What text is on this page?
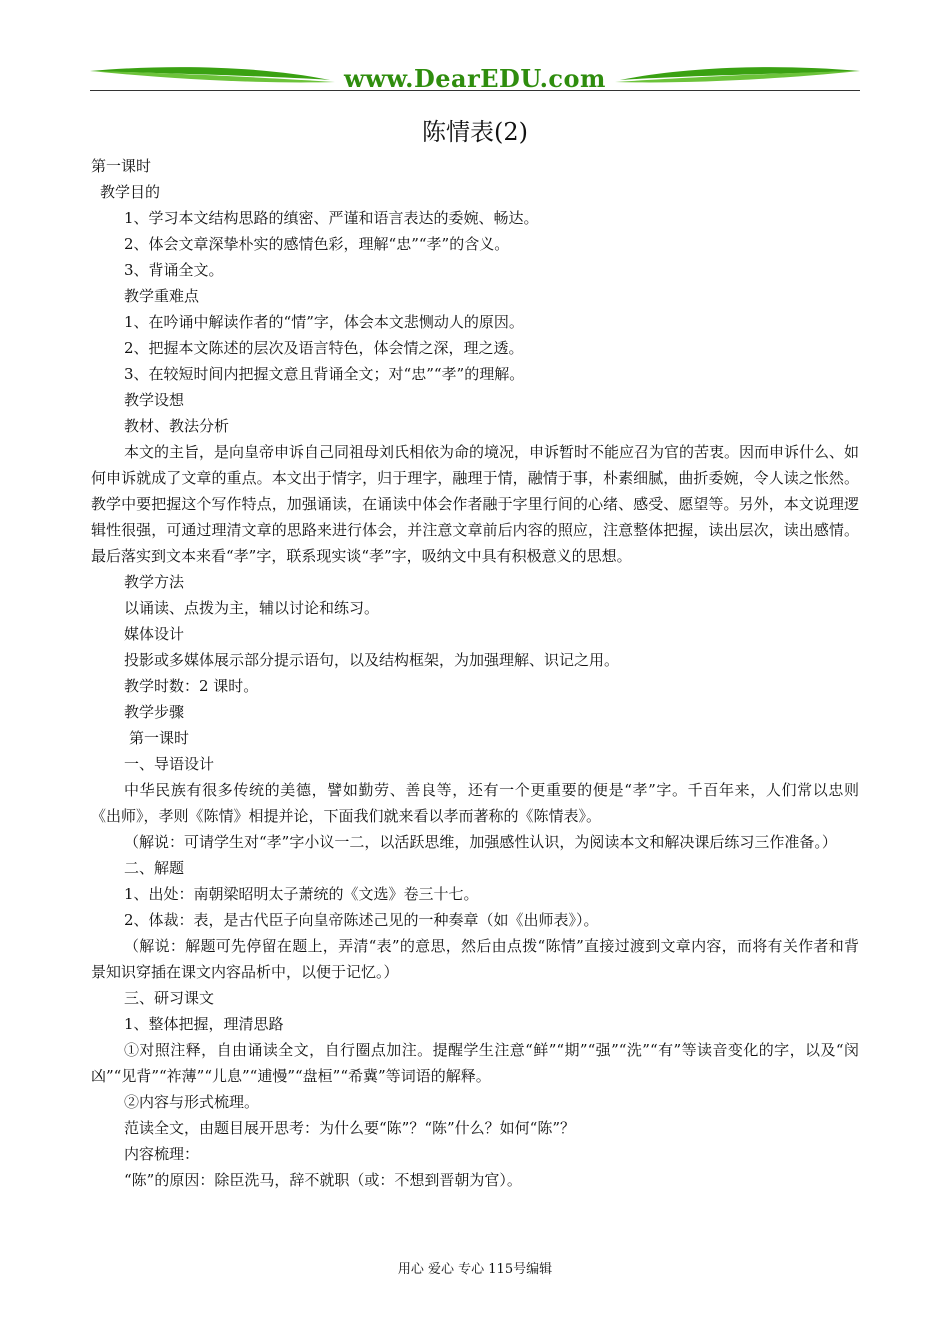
www.DearEDU.com
陈情表(2)

第一课时

教学目的

1、学习本文结构思路的缜密、严谨和语言表达的委婉、畅达。

2、体会文章深挚朴实的感情色彩，理解“忠”“孝”的含义。

3、背诵全文。

教学重难点

1、在吟诵中解读作者的“情”字，体会本文悲恻动人的原因。

2、把握本文陈述的层次及语言特色，体会情之深，理之透。

3、在较短时间内把握文意且背诵全文；对“忠”“孝”的理解。

教学设想

教材、教法分析

本文的主旨，是向皇帝申诉自己同祖母刘氏相依为命的境况，申诉暂时不能应召为官的苦衷。因而申诉什么、如何申诉就成了文章的重点。本文出于情字，归于理字，融理于情，融情于事，朴素细腻，曲折委婉，令人读之怅然。教学中要把握这个写作特点，加强诵读，在诵读中体会作者融于字里行间的心绪、感受、愿望等。另外，本文说理逻辑性很强，可通过理清文章的思路来进行体会，并注意文章前后内容的照应，注意整体把握，读出层次，读出感情。最后落实到文本来看“孝”字，联系现实谈“孝”字，吸纳文中具有积极意义的思想。

教学方法

以诵读、点拨为主，辅以讨论和练习。

媒体设计

投影或多媒体展示部分提示语句，以及结构框架，为加强理解、识记之用。

教学时数：2 课时。

教学步骤

第一课时

一、导语设计

中华民族有很多传统的美德，譬如勤劳、善良等，还有一个更重要的便是“孝”字。千百年来，人们常以忠则《出师》，孝则《陈情》相提并论，下面我们就来看以孝而著称的《陈情表》。

（解说：可请学生对“孝”字小议一二，以活跃思维，加强感性认识，为阅读本文和解决课后练习三作准备。）

二、解题

1、出处：南朝梁昭明太子萧统的《文选》卷三十七。

2、体裁：表，是古代臣子向皇帝陈述己见的一种奏章（如《出师表》）。

（解说：解题可先停留在题上，弄清“表”的意思，然后由点拨“陈情”直接过渡到文章内容，而将有关作者和背景知识穿插在课文内容品析中，以便于记忆。）

三、研习课文

1、整体把握，理清思路

①对照注释，自由诵读全文，自行圈点加注。提醒学生注意“鲜”“期”“强”“洗”“有”等读音变化的字，以及“闵凶”“见背”“祚薄”“儿息”“逋慢”“盘桓”“希冀”等词语的解释。

②内容与形式梳理。

范读全文，由题目展开思考：为什么要“陈”？“陈”什么？如何“陈”？

内容梳理：

“陈”的原因：除臣洗马，辞不就职（或：不想到晋朝为官）。

用心 爱心 专心 115号编辑
